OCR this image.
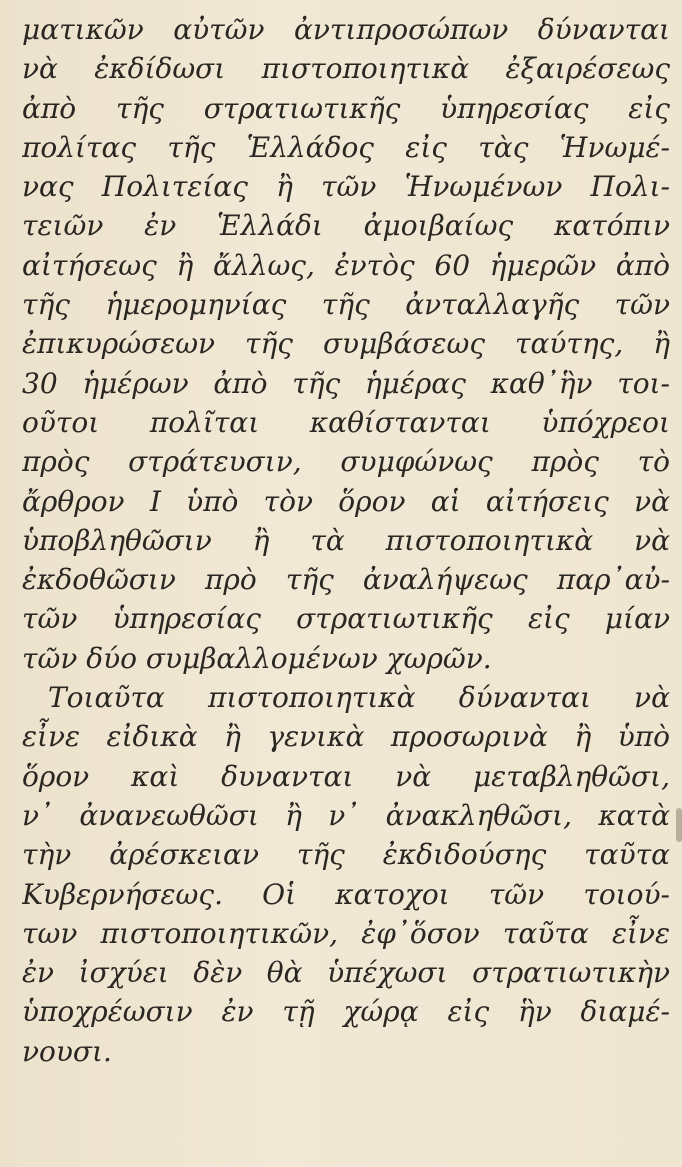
ματικῶν αὐτῶν ἀντιπροσώπων δύνανται
νὰ ἐκδίδωσι πιστοποιητικὰ ἐξαιρέσεως
ἀπὸ τῆς στρατιωτικῆς ὑπηρεσίας εἰς
πολίτας τῆς Ἑλλάδος εἰς τὰς Ἡνωμέ-
νας Πολιτείας ἢ τῶν Ἡνωμένων Πολι-
τειῶν ἐν Ἑλλάδι ἀμοιβαίως κατόπιν
αἰτήσεως ἢ ἄλλως, ἐντὸς 60 ἡμερῶν ἀπὸ
τῆς ἡμερομηνίας τῆς ἀνταλλαγῆς τῶν
ἐπικυρώσεων τῆς συμβάσεως ταύτης, ἢ
30 ἡμέρων ἀπὸ τῆς ἡμέρας καθ᾽ἣν τοι-
οῦτοι πολῖται καθίστανται ὑπόχρεοι
πρὸς στράτευσιν, συμφώνως πρὸς τὸ
ἄρθρον I ὑπὸ τὸν ὅρον αἱ αἰτήσεις νὰ
ὑποβληθῶσιν ἢ τὰ πιστοποιητικὰ νὰ
ἐκδοθῶσιν πρὸ τῆς ἀναλήψεως παρ᾽αὐ-
τῶν ὑπηρεσίας στρατιωτικῆς εἰς μίαν
τῶν δύο συμβαλλομένων χωρῶν.
Τοιαῦτα πιστοποιητικὰ δύνανται νὰ
εἶνε εἰδικὰ ἢ γενικὰ προσωρινὰ ἢ ὑπὸ
ὅρον καὶ δυνανται νὰ μεταβληθῶσι,
ν᾽ ἀνανεωθῶσι ἢ ν᾽ ἀνακληθῶσι, κατὰ
τὴν ἀρέσκειαν τῆς ἐκδιδούσης ταῦτα
Κυβερνήσεως. Οἱ κατοχοι τῶν τοιού-
των πιστοποιητικῶν, ἐφ᾽ὅσον ταῦτα εἶνε
ἐν ἰσχύει δὲν θὰ ὑπέχωσι στρατιωτικὴν
ὑποχρέωσιν ἐν τῇ χώρᾳ εἰς ἣν διαμέ-
νουσι.
